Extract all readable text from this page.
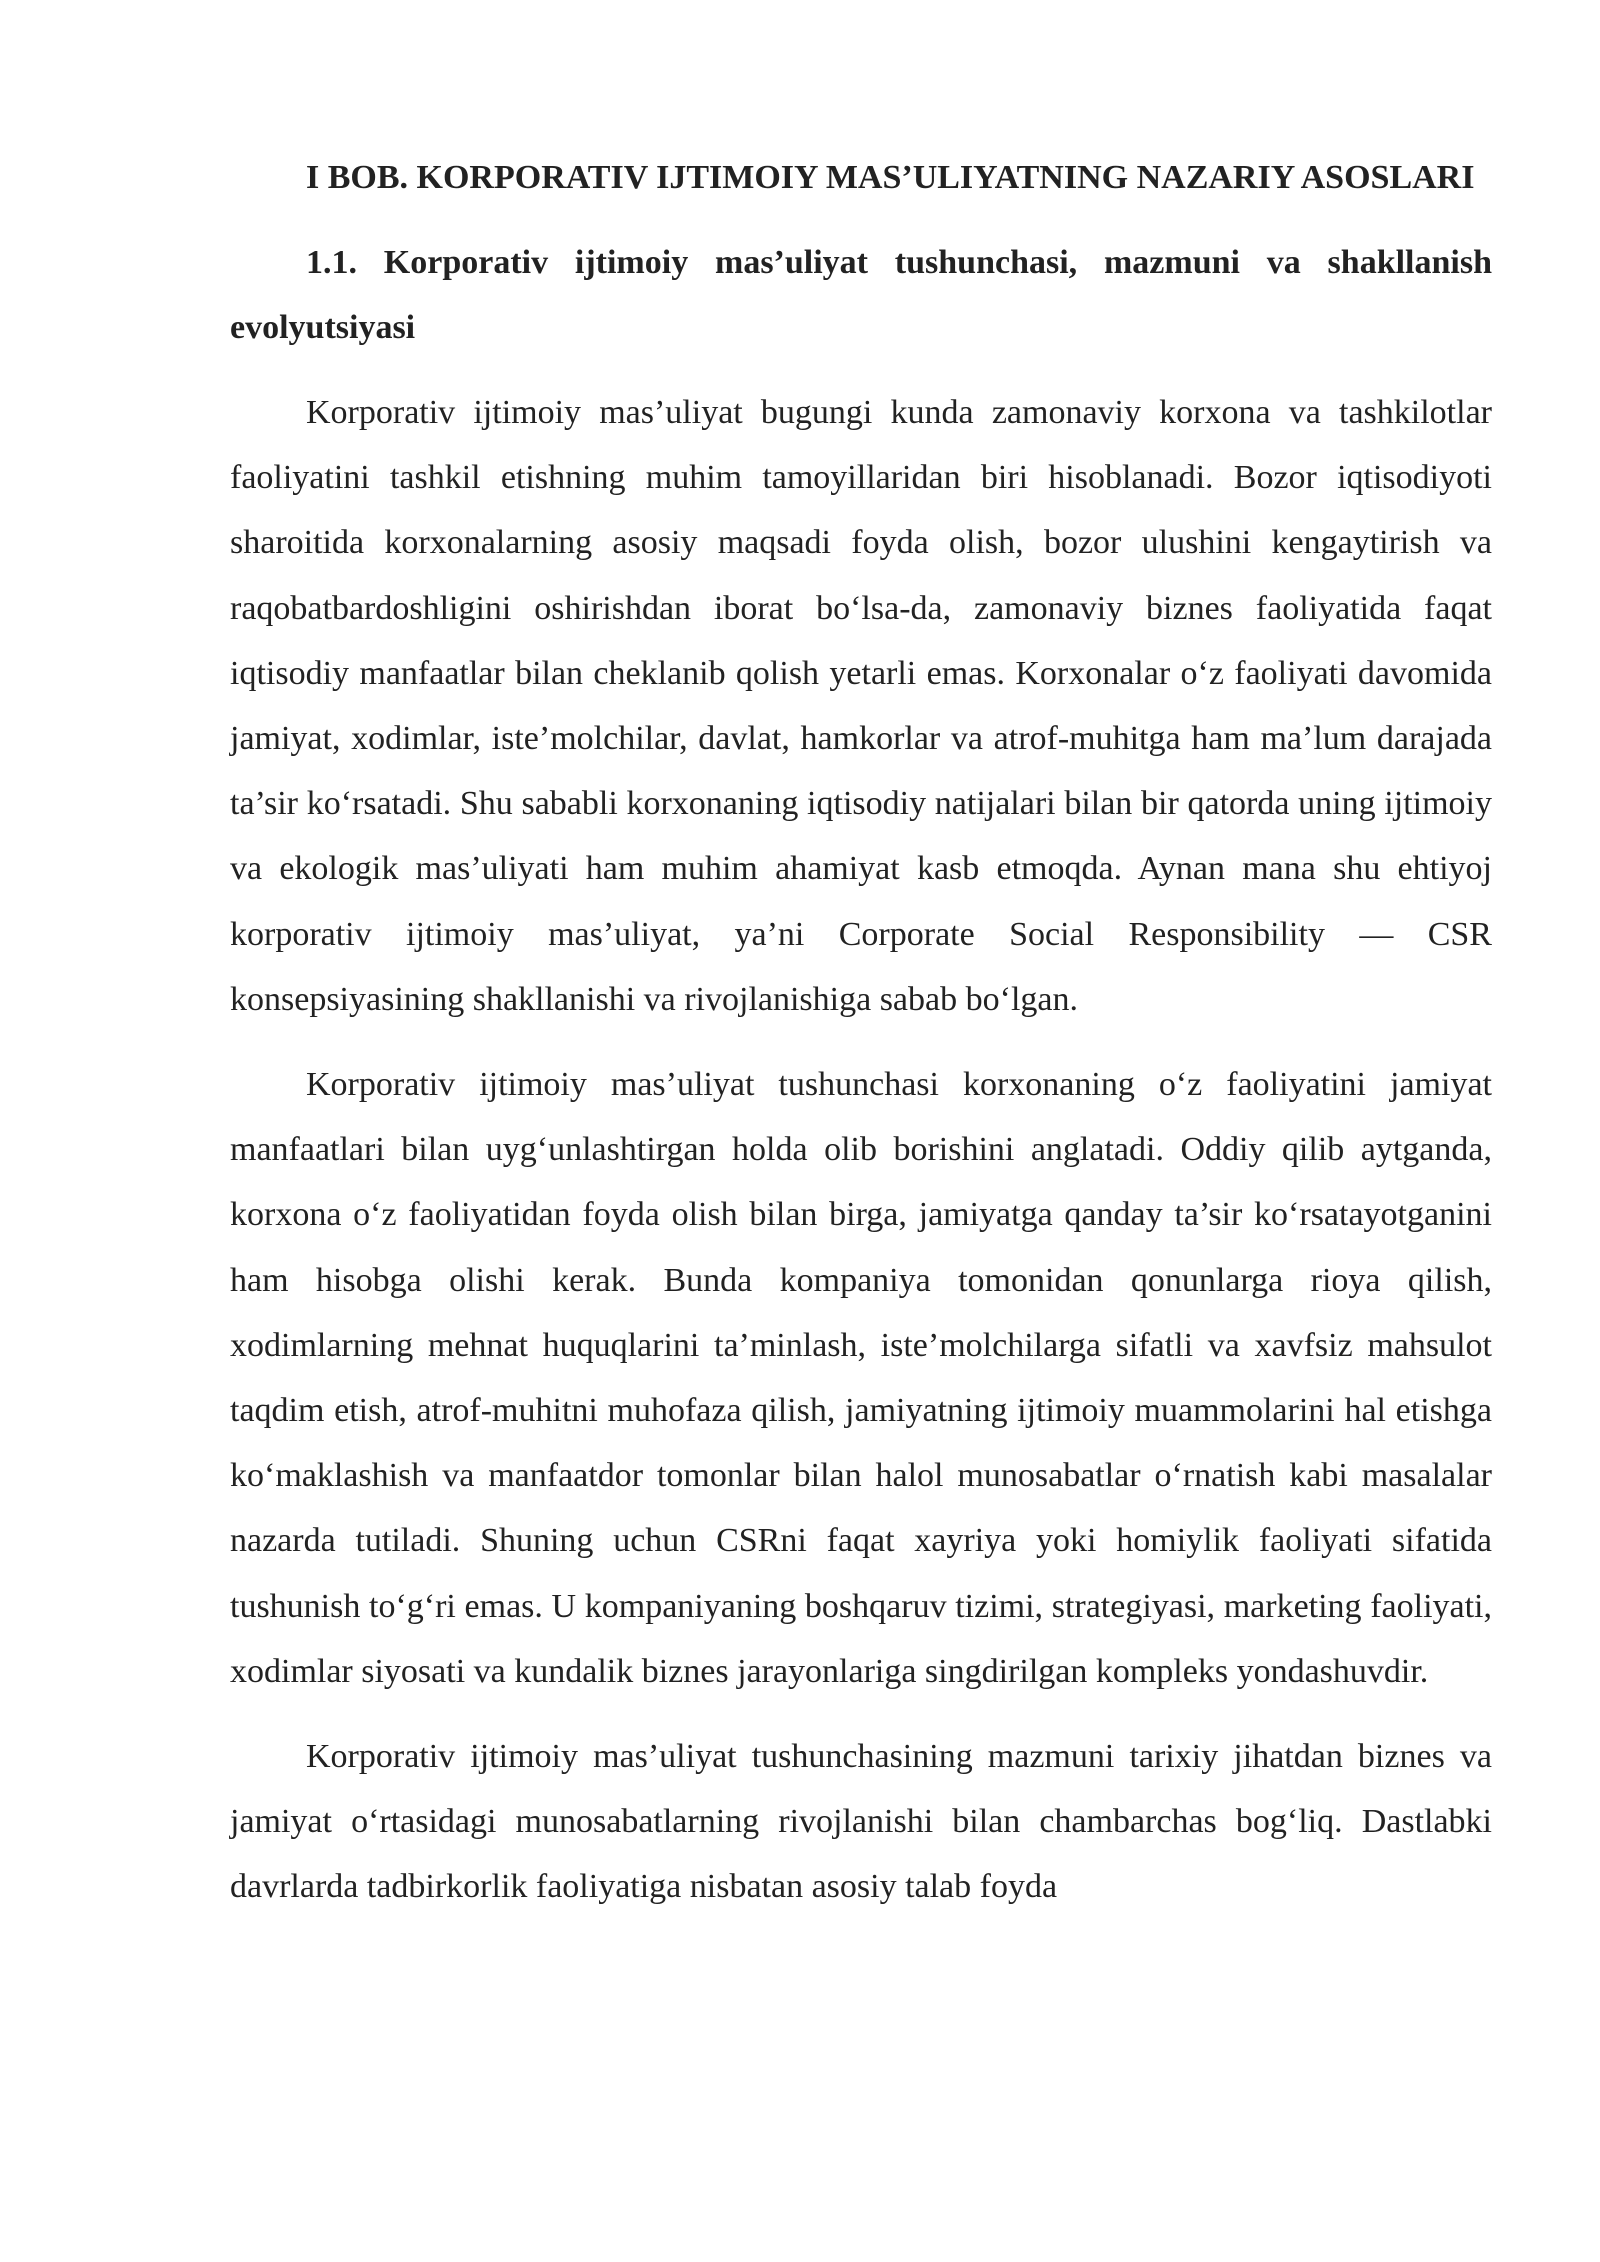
I BOB. KORPORATIV IJTIMOIY MAS’ULIYATNING NAZARIY ASOSLARI

1.1. Korporativ ijtimoiy mas’uliyat tushunchasi, mazmuni va shakllanish evolyutsiyasi

Korporativ ijtimoiy mas’uliyat bugungi kunda zamonaviy korxona va tashkilotlar faoliyatini tashkil etishning muhim tamoyillaridan biri hisoblanadi. Bozor iqtisodiyoti sharoitida korxonalarning asosiy maqsadi foyda olish, bozor ulushini kengaytirish va raqobatbardoshligini oshirishdan iborat bo‘lsa-da, zamonaviy biznes faoliyatida faqat iqtisodiy manfaatlar bilan cheklanib qolish yetarli emas. Korxonalar o‘z faoliyati davomida jamiyat, xodimlar, iste’molchilar, davlat, hamkorlar va atrof-muhitga ham ma’lum darajada ta’sir ko‘rsatadi. Shu sababli korxonaning iqtisodiy natijalari bilan bir qatorda uning ijtimoiy va ekologik mas’uliyati ham muhim ahamiyat kasb etmoqda. Aynan mana shu ehtiyoj korporativ ijtimoiy mas’uliyat, ya’ni Corporate Social Responsibility — CSR konsepsiyasining shakllanishi va rivojlanishiga sabab bo‘lgan.

Korporativ ijtimoiy mas’uliyat tushunchasi korxonaning o‘z faoliyatini jamiyat manfaatlari bilan uyg‘unlashtirgan holda olib borishini anglatadi. Oddiy qilib aytganda, korxona o‘z faoliyatidan foyda olish bilan birga, jamiyatga qanday ta’sir ko‘rsatayotganini ham hisobga olishi kerak. Bunda kompaniya tomonidan qonunlarga rioya qilish, xodimlarning mehnat huquqlarini ta’minlash, iste’molchilarga sifatli va xavfsiz mahsulot taqdim etish, atrof-muhitni muhofaza qilish, jamiyatning ijtimoiy muammolarini hal etishga ko‘maklashish va manfaatdor tomonlar bilan halol munosabatlar o‘rnatish kabi masalalar nazarda tutiladi. Shuning uchun CSRni faqat xayriya yoki homiylik faoliyati sifatida tushunish to‘g‘ri emas. U kompaniyaning boshqaruv tizimi, strategiyasi, marketing faoliyati, xodimlar siyosati va kundalik biznes jarayonlariga singdirilgan kompleks yondashuvdir.

Korporativ ijtimoiy mas’uliyat tushunchasining mazmuni tarixiy jihatdan biznes va jamiyat o‘rtasidagi munosabatlarning rivojlanishi bilan chambarchas bog‘liq. Dastlabki davrlarda tadbirkorlik faoliyatiga nisbatan asosiy talab foyda
